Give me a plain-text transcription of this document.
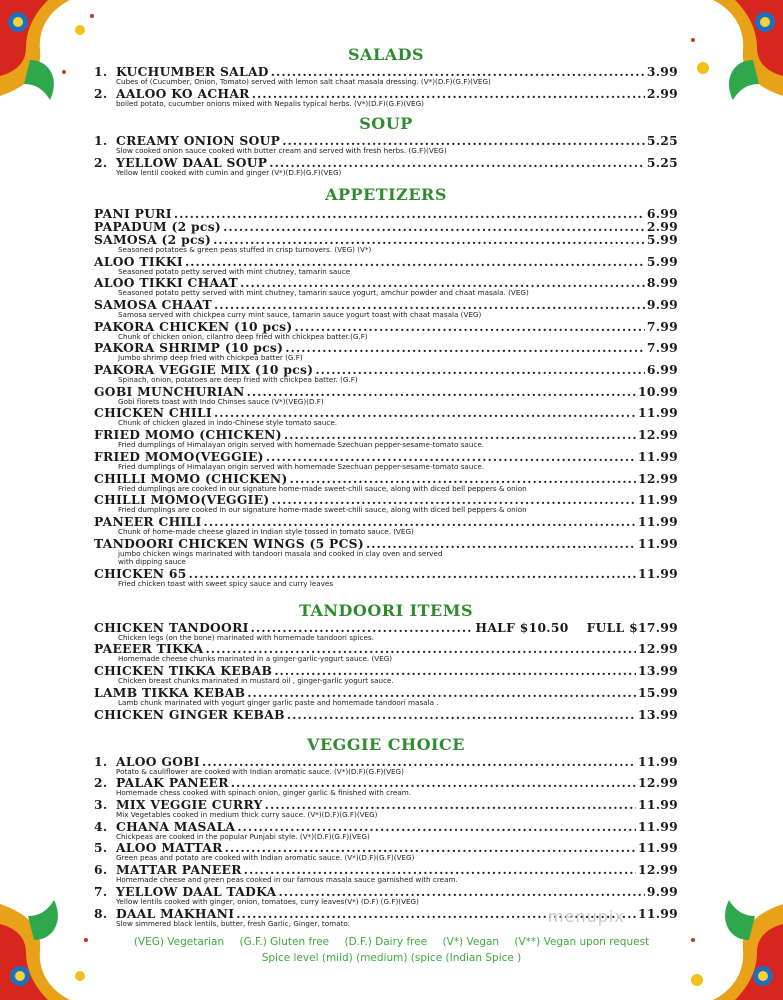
SALADS
1. KUCHUMBER SALAD .....	3.99
Cubes of (Cucumber, Onion, Tomato) served with lemon salt chaat masala dressing. (V*)(D.F)(G.F)(VEG)
2. AALOO KO ACHAR .....	2.99
boiled potato, cucumber onions mixed with Nepalis typical herbs. (V*)(D.F)(G.F)(VEG)
SOUP
1. CREAMY ONION SOUP .....	5.25
Slow cooked onion sauce cooked with butter cream and served with fresh herbs. (G.F)(VEG)
2. YELLOW DAAL SOUP .....	5.25
Yellow lentil cooked with cumin and ginger (V*)(D.F)(G.F)(VEG)
APPETIZERS
PANI PURI .....	6.99
PAPADUM (2 pcs) .....	2.99
SAMOSA (2 pcs) .....	5.99
Seasoned potatoes & green peas stuffed in crisp turnovers. (VEG) (V*)
ALOO TIKKI .....	5.99
Seasoned potato petty served with mint chutney, tamarin sauce
ALOO TIKKI CHAAT .....	8.99
Seasoned potato petty served with mint chutney, tamarin sauce yogurt, amchur powder and chaat masala. (VEG)
SAMOSA CHAAT .....	9.99
Samosa served with chickpea curry mint sauce, tamarin sauce yogurt toast with chaat masala (VEG)
PAKORA CHICKEN (10 pcs) .....	7.99
Chunk of chicken onion, cilantro deep fried with chickpea batter.(G.F)
PAKORA SHRIMP (10 pcs) .....	7.99
Jumbo shrimp deep fried with chickpea batter (G.F)
PAKORA VEGGIE MIX (10 pcs) .....	6.99
Spinach, onion, potatoes are deep fried with chickpea batter. (G.F)
GOBI MUNCHURIAN .....	10.99
Gobi florets toast with Indo Chinses sauce (V*)(VEG)(D.F)
CHICKEN CHILI .....	11.99
Chunk of chicken glazed in indo-Chinese style tomato sauce.
FRIED MOMO (CHICKEN) .....	12.99
Fried dumplings of Himalayan origin served with homemade Szechuan pepper-sesame-tomato sauce.
FRIED MOMO(VEGGIE) .....	11.99
Fried dumplings of Himalayan origin served with homemade Szechuan pepper-sesame-tomato sauce.
CHILLI MOMO (CHICKEN) .....	12.99
Fried dumplings are cooked in our signature home-made sweet-chili sauce, along with diced bell peppers & onion
CHILLI MOMO(VEGGIE) .....	11.99
Fried dumplings are cooked in our signature home-made sweet-chili sauce, along with diced bell peppers & onion
PANEER CHILI .....	11.99
Chunk of home-made cheese glazed in Indian style tossed in tomato sauce. (VEG)
TANDOORI CHICKEN WINGS (5 PCS) .....	11.99
jumbo chicken wings marinated with tandoori masala and cooked in clay oven and served
with dipping sauce
CHICKEN 65 .....	11.99
Fried chicken toast with sweet spicy sauce and curry leaves
TANDOORI ITEMS
CHICKEN TANDOORI .....	HALF $10.50 FULL $17.99
Chicken legs (on the bone) marinated with homemade tandoori spices.
PAEEER TIKKA .....	12.99
Homemade cheese chunks marinated in a ginger-garlic-yogurt sauce. (VEG)
CHICKEN TIKKA KEBAB .....	13.99
Chicken breast chunks marinated in mustard oil , ginger-garlic yogurt sauce.
LAMB TIKKA KEBAB .....	15.99
Lamb chunk marinated with yogurt ginger garlic paste and homemade tandoori masala .
CHICKEN GINGER KEBAB .....	13.99
VEGGIE CHOICE
1. ALOO GOBI .....	11.99
Potato & cauliflower are cooked with Indian aromatic sauce. (V*)(D.F)(G.F)(VEG)
2. PALAK PANEER .....	12.99
Homemade chess cooked with spinach onion, ginger garlic & finished with cream.
3. MIX VEGGIE CURRY .....	11.99
Mix Vegetables cooked in medium thick curry sauce. (V*)(D.F)(G.F)(VEG)
4. CHANA MASALA .....	11.99
Chickpeas are cooked in the popular Punjabi style. (V*)(D.F)(G.F)(VEG)
5. ALOO MATTAR .....	11.99
Green peas and potato are cooked with Indian aromatic sauce. (V*)(D.F)(G.F)(VEG)
6. MATTAR PANEER .....	12.99
Homemade cheese and green peas cooked in our famous masala sauce garnished with cream.
7. YELLOW DAAL TADKA .....	9.99
Yellow lentils cooked with ginger, onion, tomatoes, curry leaves(V*) (D.F) (G.F)(VEG)
8. DAAL MAKHANI .....	11.99
Slow simmered black lentils, butter, fresh Garlic, Ginger, tomato.	menupix
(VEG) Vegetarian (G.F.) Gluten free (D.F.) Dairy free (V*) Vegan (V**) Vegan upon request
Spice level (mild) (medium) (spice (Indian Spice )
